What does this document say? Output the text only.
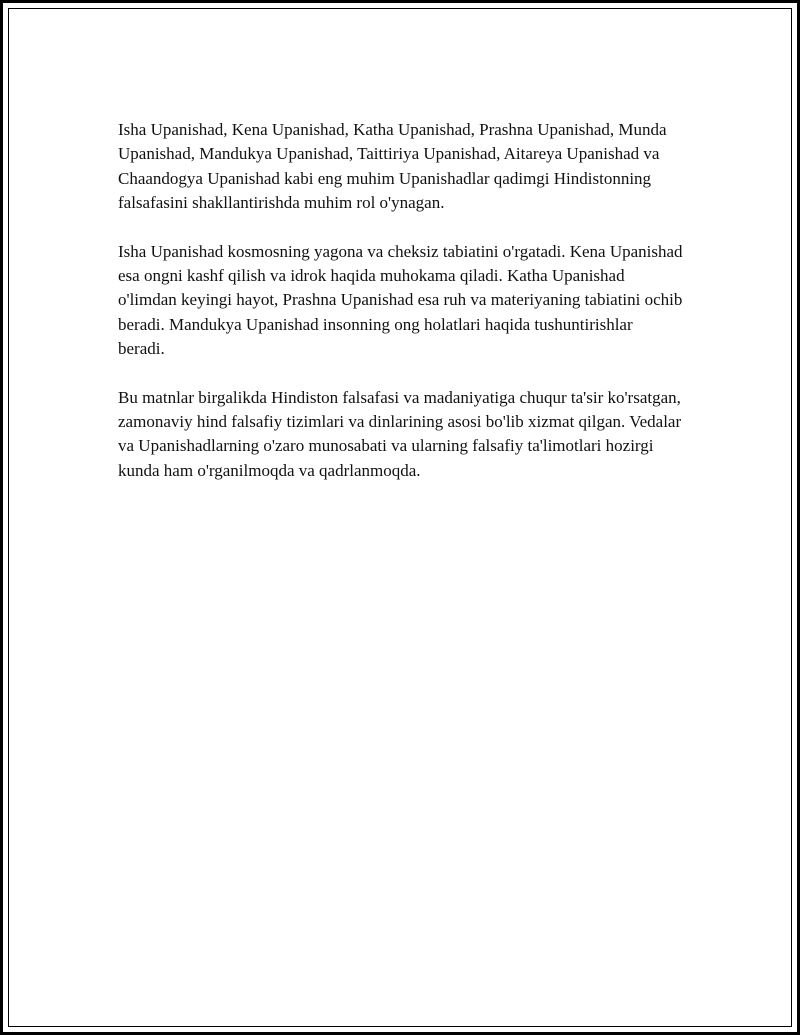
Isha Upanishad, Kena Upanishad, Katha Upanishad, Prashna Upanishad, Munda Upanishad, Mandukya Upanishad, Taittiriya Upanishad, Aitareya Upanishad va Chaandogya Upanishad kabi eng muhim Upanishadlar qadimgi Hindistonning falsafasini shakllantirishda muhim rol o'ynagan.

Isha Upanishad kosmosning yagona va cheksiz tabiatini o'rgatadi. Kena Upanishad esa ongni kashf qilish va idrok haqida muhokama qiladi. Katha Upanishad o'limdan keyingi hayot, Prashna Upanishad esa ruh va materiyaning tabiatini ochib beradi. Mandukya Upanishad insonning ong holatlari haqida tushuntirishlar beradi.

Bu matnlar birgalikda Hindiston falsafasi va madaniyatiga chuqur ta'sir ko'rsatgan, zamonaviy hind falsafiy tizimlari va dinlarining asosi bo'lib xizmat qilgan. Vedalar va Upanishadlarning o'zaro munosabati va ularning falsafiy ta'limotlari hozirgi kunda ham o'rganilmoqda va qadrlanmoqda.
